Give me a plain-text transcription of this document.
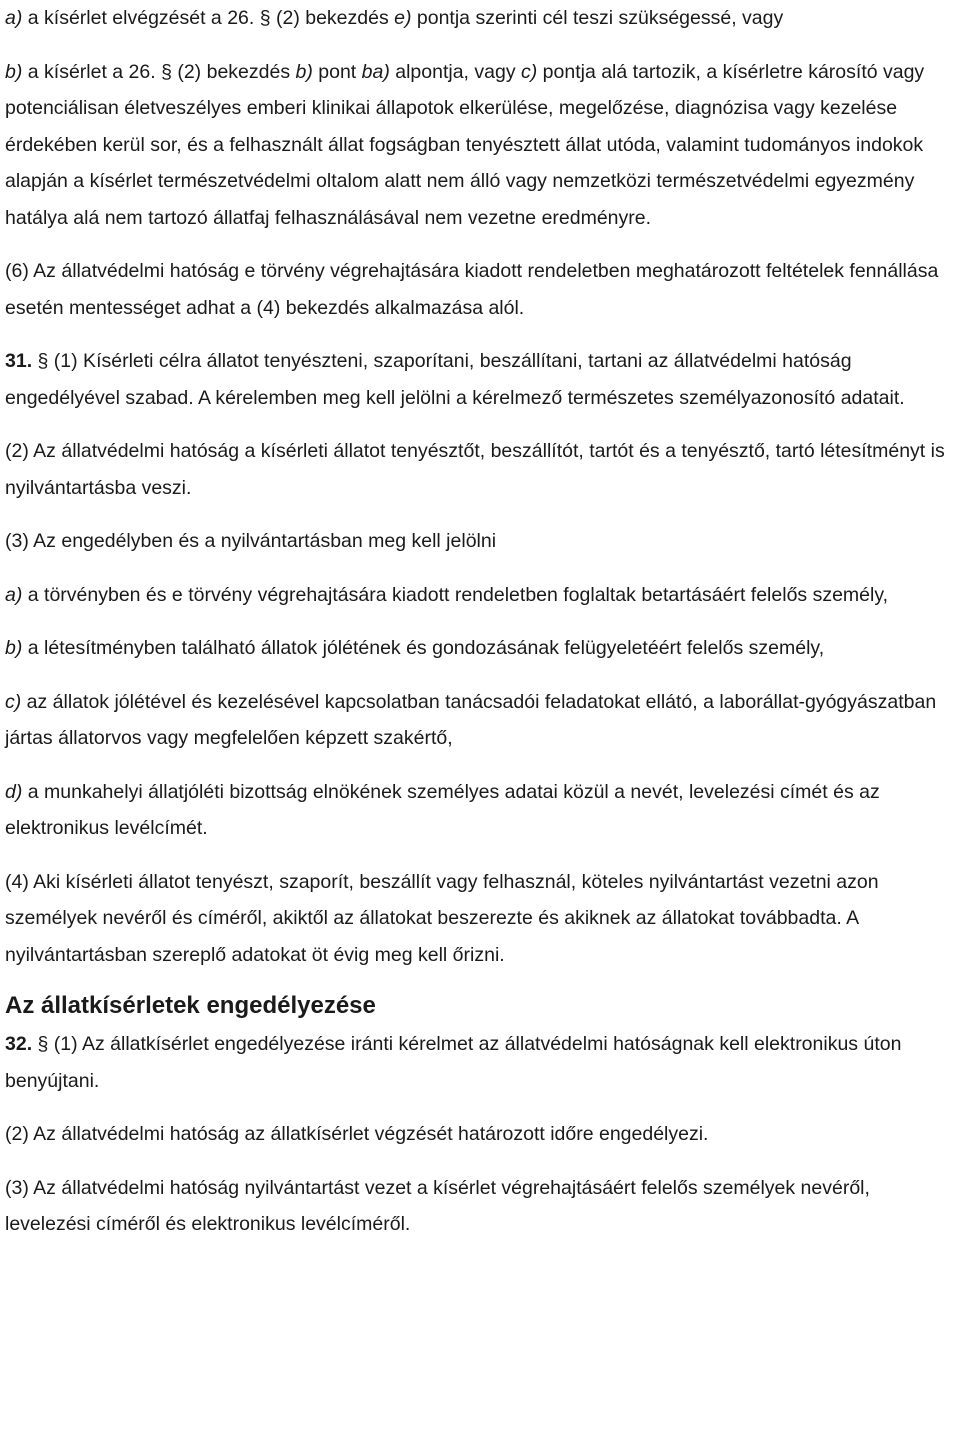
a) a kísérlet elvégzését a 26. § (2) bekezdés e) pontja szerinti cél teszi szükségessé, vagy

b) a kísérlet a 26. § (2) bekezdés b) pont ba) alpontja, vagy c) pontja alá tartozik, a kísérletre károsító vagy potenciálisan életveszélyes emberi klinikai állapotok elkerülése, megelőzése, diagnózisa vagy kezelése érdekében kerül sor, és a felhasznált állat fogságban tenyésztett állat utóda, valamint tudományos indokok alapján a kísérlet természetvédelmi oltalom alatt nem álló vagy nemzetközi természetvédelmi egyezmény hatálya alá nem tartozó állatfaj felhasználásával nem vezetne eredményre.

(6) Az állatvédelmi hatóság e törvény végrehajtására kiadott rendeletben meghatározott feltételek fennállása esetén mentességet adhat a (4) bekezdés alkalmazása alól.

31. § (1) Kísérleti célra állatot tenyészteni, szaporítani, beszállítani, tartani az állatvédelmi hatóság engedélyével szabad. A kérelemben meg kell jelölni a kérelmező természetes személyazonosító adatait.

(2) Az állatvédelmi hatóság a kísérleti állatot tenyésztőt, beszállítót, tartót és a tenyésztő, tartó létesítményt is nyilvántartásba veszi.

(3) Az engedélyben és a nyilvántartásban meg kell jelölni

a) a törvényben és e törvény végrehajtására kiadott rendeletben foglaltak betartásáért felelős személy,

b) a létesítményben található állatok jólétének és gondozásának felügyeletéért felelős személy,

c) az állatok jólétével és kezelésével kapcsolatban tanácsadói feladatokat ellátó, a laborállat-gyógyászatban jártas állatorvos vagy megfelelően képzett szakértő,

d) a munkahelyi állatjóléti bizottság elnökének személyes adatai közül a nevét, levelezési címét és az elektronikus levélcímét.

(4) Aki kísérleti állatot tenyészt, szaporít, beszállít vagy felhasznál, köteles nyilvántartást vezetni azon személyek nevéről és címéről, akiktől az állatokat beszerezte és akiknek az állatokat továbbadta. A nyilvántartásban szereplő adatokat öt évig meg kell őrizni.

Az állatkísérletek engedélyezése

32. § (1) Az állatkísérlet engedélyezése iránti kérelmet az állatvédelmi hatóságnak kell elektronikus úton benyújtani.

(2) Az állatvédelmi hatóság az állatkísérlet végzését határozott időre engedélyezi.

(3) Az állatvédelmi hatóság nyilvántartást vezet a kísérlet végrehajtásáért felelős személyek nevéről, levelezési címéről és elektronikus levélcíméről.
